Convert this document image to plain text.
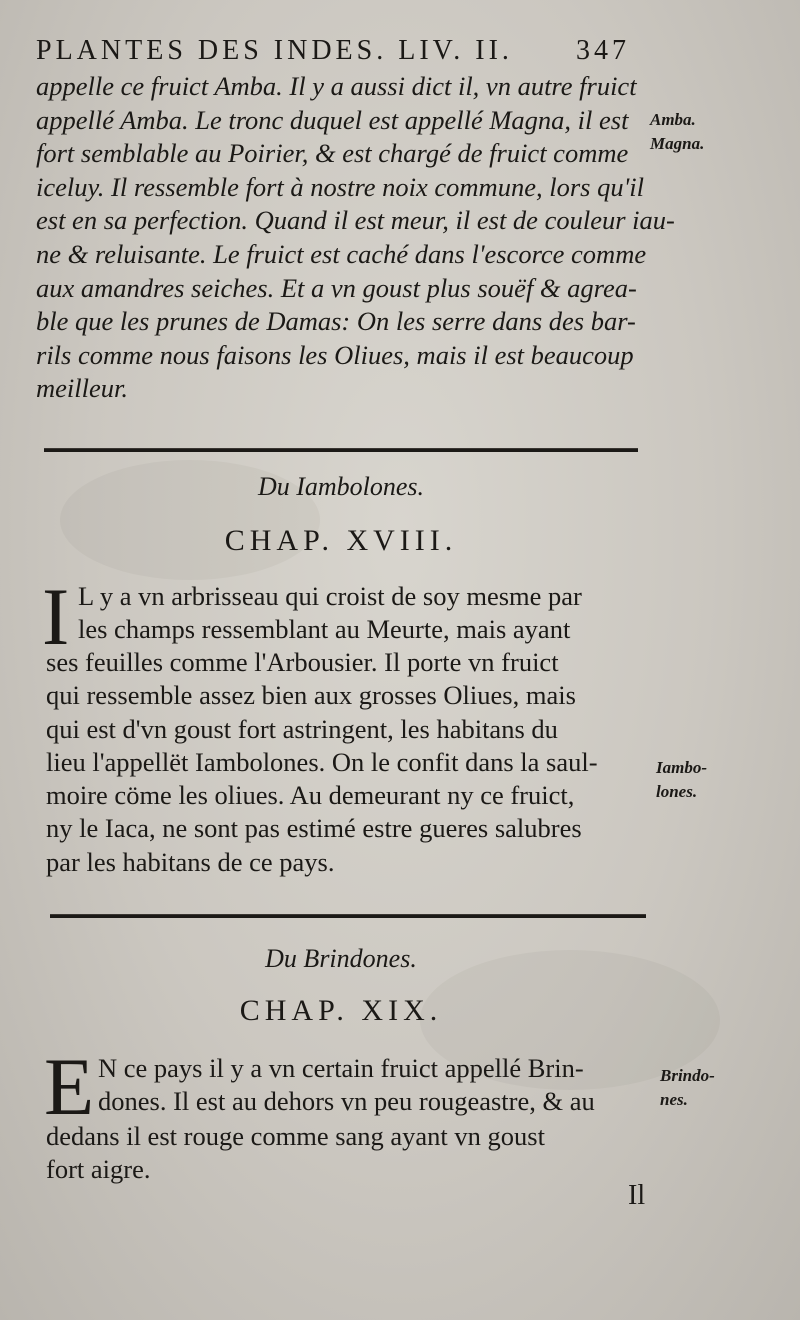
PLANTES DES INDES. LIV. II. 347
appelle ce fruict Amba. Il y a aussi dict il, vn autre fruict
appellé Amba. Le tronc duquel est appellé Magna, il est
fort semblable au Poirier, & est chargé de fruict comme
iceluy. Il ressemble fort à nostre noix commune, lors qu'il
est en sa perfection. Quand il est meur, il est de couleur iau-
ne & reluisante. Le fruict est caché dans l'escorce comme
aux amandres seiches. Et a vn goust plus souëf & agrea-
ble que les prunes de Damas: On les serre dans des bar-
rils comme nous faisons les Oliues, mais il est beaucoup
meilleur.
Amba.
Magna.
Du Iambolones.
CHAP. XVIII.
I L y a vn arbrisseau qui croist de soy mesme par
les champs ressemblant au Meurte, mais ayant
ses feuilles comme l'Arbousier. Il porte vn fruict
qui ressemble assez bien aux grosses Oliues, mais
qui est d'vn goust fort astringent, les habitans du
lieu l'appellët Iambolones. On le confit dans la saul-
moire cöme les oliues. Au demeurant ny ce fruict,
ny le Iaca, ne sont pas estimé estre gueres salubres
par les habitans de ce pays.
Iambo-
lones.
Du Brindones.
CHAP. XIX.
E N ce pays il y a vn certain fruict appellé Brin-
dones. Il est au dehors vn peu rougeastre, & au
dedans il est rouge comme sang ayant vn goust
fort aigre.
Brindo-
nes.
Il
